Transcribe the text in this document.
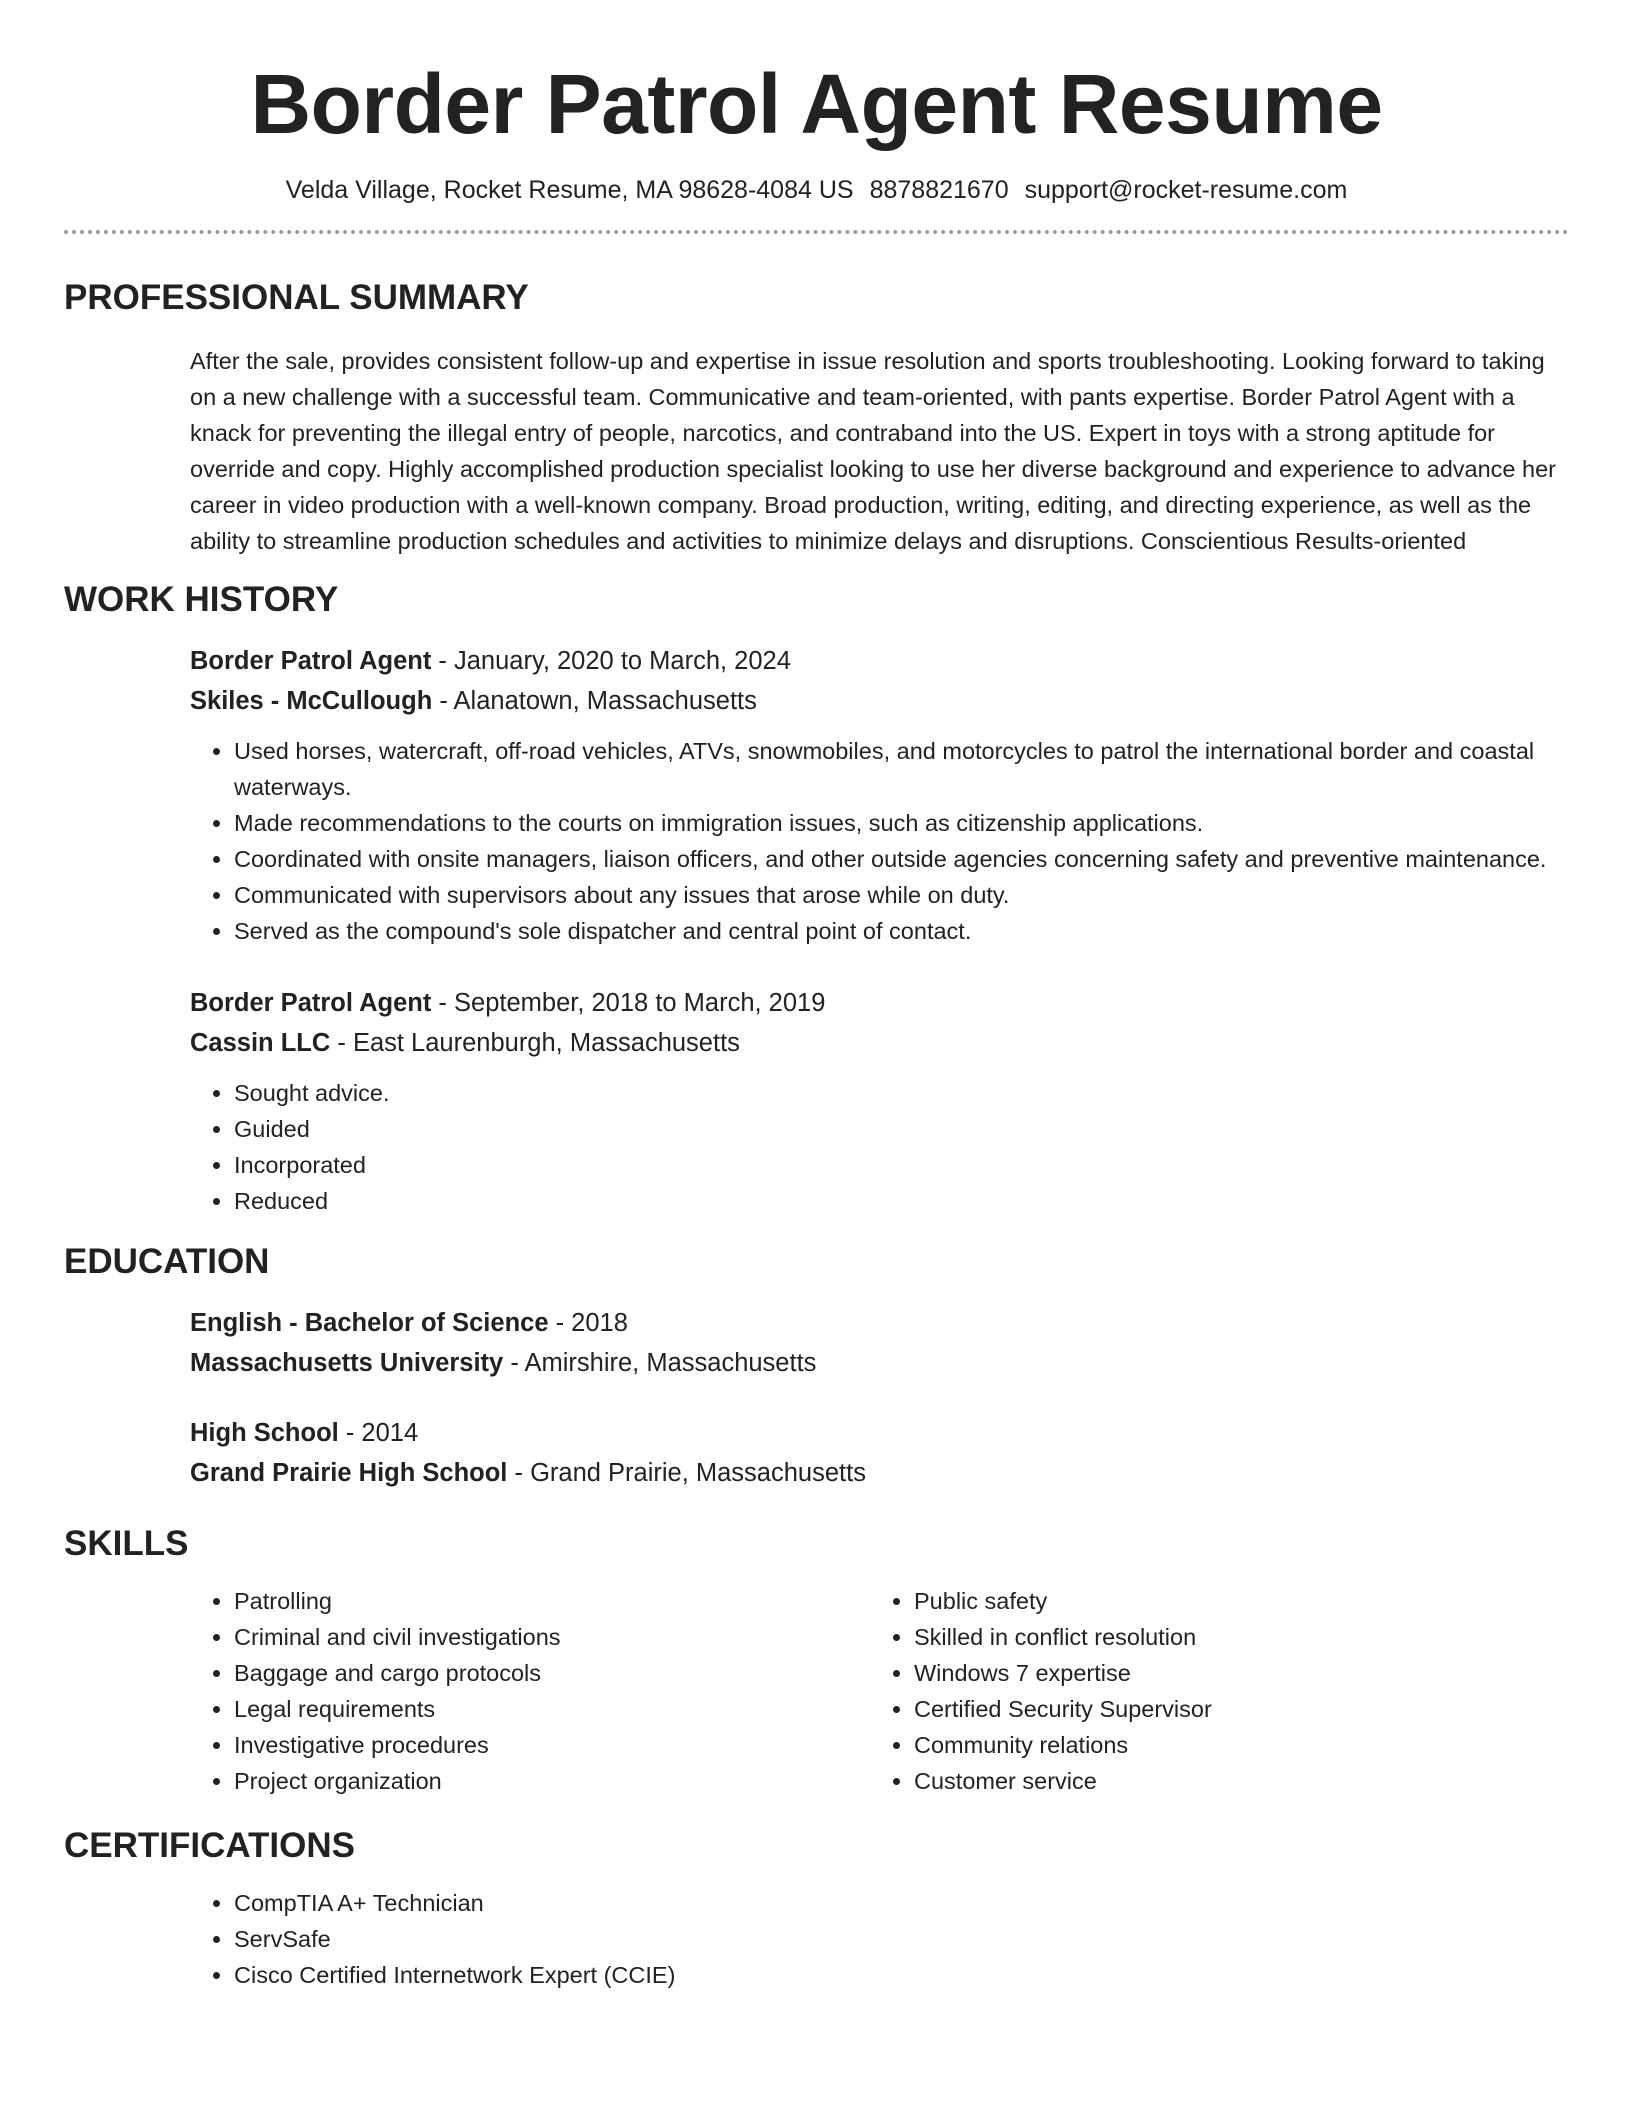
Border Patrol Agent Resume
Velda Village, Rocket Resume, MA 98628-4084 US 8878821670 support@rocket-resume.com
PROFESSIONAL SUMMARY

After the sale, provides consistent follow-up and expertise in issue resolution and sports troubleshooting. Looking forward to taking on a new challenge with a successful team. Communicative and team-oriented, with pants expertise. Border Patrol Agent with a knack for preventing the illegal entry of people, narcotics, and contraband into the US. Expert in toys with a strong aptitude for override and copy. Highly accomplished production specialist looking to use her diverse background and experience to advance her career in video production with a well-known company. Broad production, writing, editing, and directing experience, as well as the ability to streamline production schedules and activities to minimize delays and disruptions. Conscientious Results-oriented

WORK HISTORY
Border Patrol Agent - January, 2020 to March, 2024
Skiles - McCullough - Alanatown, Massachusetts
• Used horses, watercraft, off-road vehicles, ATVs, snowmobiles, and motorcycles to patrol the international border and coastal waterways.
• Made recommendations to the courts on immigration issues, such as citizenship applications.
• Coordinated with onsite managers, liaison officers, and other outside agencies concerning safety and preventive maintenance.
• Communicated with supervisors about any issues that arose while on duty.
• Served as the compound's sole dispatcher and central point of contact.
Border Patrol Agent - September, 2018 to March, 2019
Cassin LLC - East Laurenburgh, Massachusetts
• Sought advice.
• Guided
• Incorporated
• Reduced
EDUCATION
English - Bachelor of Science - 2018
Massachusetts University - Amirshire, Massachusetts
High School - 2014
Grand Prairie High School - Grand Prairie, Massachusetts
SKILLS
• Patrolling
• Criminal and civil investigations
• Baggage and cargo protocols
• Legal requirements
• Investigative procedures
• Project organization
• Public safety
• Skilled in conflict resolution
• Windows 7 expertise
• Certified Security Supervisor
• Community relations
• Customer service
CERTIFICATIONS
• CompTIA A+ Technician
• ServSafe
• Cisco Certified Internetwork Expert (CCIE)
